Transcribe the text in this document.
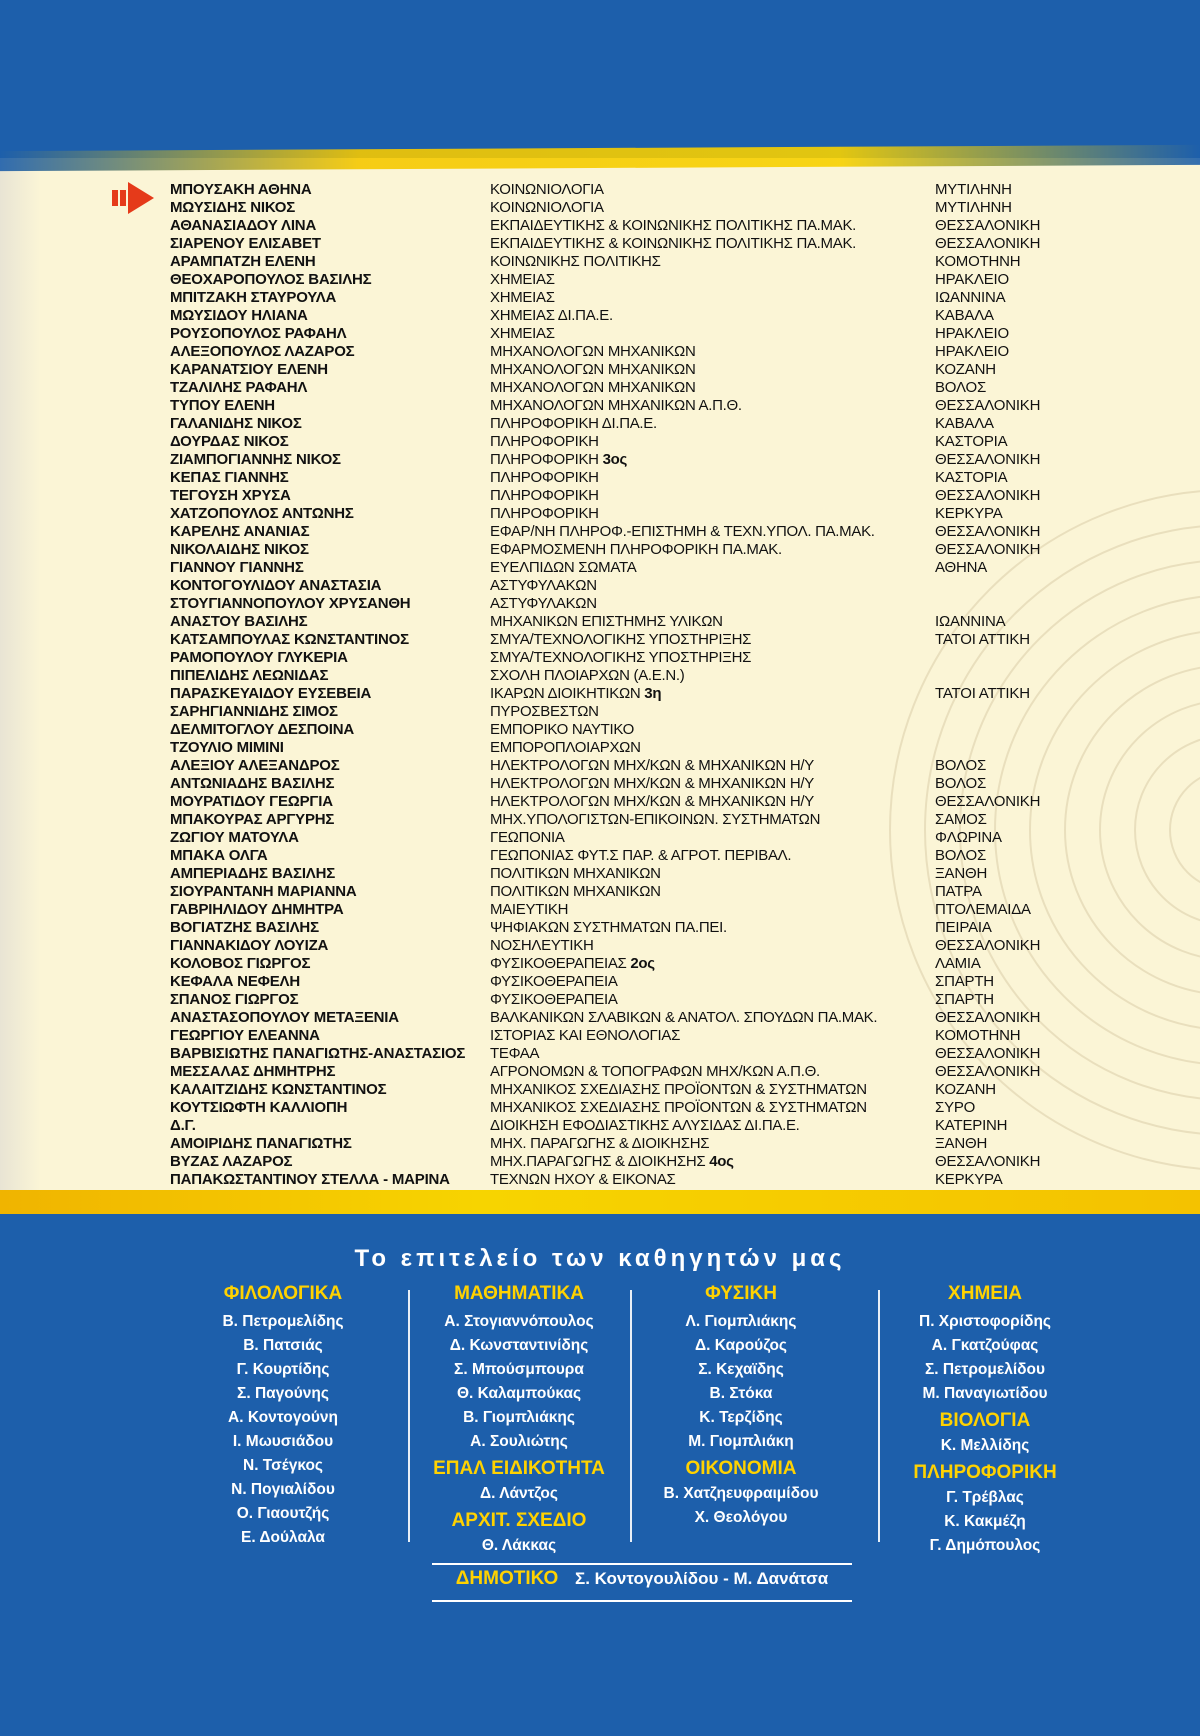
ΜΠΟΥΣΑΚΗ ΑΘΗΝΑ	ΚΟΙΝΩΝΙΟΛΟΓΙΑ	ΜΥΤΙΛΗΝΗ
ΜΩΥΣΙΔΗΣ ΝΙΚΟΣ	ΚΟΙΝΩΝΙΟΛΟΓΙΑ	ΜΥΤΙΛΗΝΗ
ΑΘΑΝΑΣΙΑΔΟΥ ΛΙΝΑ	ΕΚΠΑΙΔΕΥΤΙΚΗΣ & ΚΟΙΝΩΝΙΚΗΣ ΠΟΛΙΤΙΚΗΣ ΠΑ.ΜΑΚ.	ΘΕΣΣΑΛΟΝΙΚΗ
ΣΙΑΡΕΝΟΥ ΕΛΙΣΑΒΕΤ	ΕΚΠΑΙΔΕΥΤΙΚΗΣ & ΚΟΙΝΩΝΙΚΗΣ ΠΟΛΙΤΙΚΗΣ ΠΑ.ΜΑΚ.	ΘΕΣΣΑΛΟΝΙΚΗ
ΑΡΑΜΠΑΤΖΗ ΕΛΕΝΗ	ΚΟΙΝΩΝΙΚΗΣ ΠΟΛΙΤΙΚΗΣ	ΚΟΜΟΤΗΝΗ
ΘΕΟΧΑΡΟΠΟΥΛΟΣ ΒΑΣΙΛΗΣ	ΧΗΜΕΙΑΣ	ΗΡΑΚΛΕΙΟ
ΜΠΙΤΖΑΚΗ ΣΤΑΥΡΟΥΛΑ	ΧΗΜΕΙΑΣ	ΙΩΑΝΝΙΝΑ
ΜΩΥΣΙΔΟΥ ΗΛΙΑΝΑ	ΧΗΜΕΙΑΣ ΔΙ.ΠΑ.Ε.	ΚΑΒΑΛΑ
ΡΟΥΣΟΠΟΥΛΟΣ ΡΑΦΑΗΛ	ΧΗΜΕΙΑΣ	ΗΡΑΚΛΕΙΟ
ΑΛΕΞΟΠΟΥΛΟΣ ΛΑΖΑΡΟΣ	ΜΗΧΑΝΟΛΟΓΩΝ ΜΗΧΑΝΙΚΩΝ	ΗΡΑΚΛΕΙΟ
ΚΑΡΑΝΑΤΣΙΟΥ ΕΛΕΝΗ	ΜΗΧΑΝΟΛΟΓΩΝ ΜΗΧΑΝΙΚΩΝ	ΚΟΖΑΝΗ
ΤΖΑΛΙΛΗΣ ΡΑΦΑΗΛ	ΜΗΧΑΝΟΛΟΓΩΝ ΜΗΧΑΝΙΚΩΝ	ΒΟΛΟΣ
ΤΥΠΟΥ ΕΛΕΝΗ	ΜΗΧΑΝΟΛΟΓΩΝ ΜΗΧΑΝΙΚΩΝ Α.Π.Θ.	ΘΕΣΣΑΛΟΝΙΚΗ
ΓΑΛΑΝΙΔΗΣ ΝΙΚΟΣ	ΠΛΗΡΟΦΟΡΙΚΗ ΔΙ.ΠΑ.Ε.	ΚΑΒΑΛΑ
ΔΟΥΡΔΑΣ ΝΙΚΟΣ	ΠΛΗΡΟΦΟΡΙΚΗ	ΚΑΣΤΟΡΙΑ
ΖΙΑΜΠΟΓΙΑΝΝΗΣ ΝΙΚΟΣ	ΠΛΗΡΟΦΟΡΙΚΗ 3ος	ΘΕΣΣΑΛΟΝΙΚΗ
ΚΕΠΑΣ ΓΙΑΝΝΗΣ	ΠΛΗΡΟΦΟΡΙΚΗ	ΚΑΣΤΟΡΙΑ
ΤΕΓΟΥΣΗ ΧΡΥΣΑ	ΠΛΗΡΟΦΟΡΙΚΗ	ΘΕΣΣΑΛΟΝΙΚΗ
ΧΑΤΖΟΠΟΥΛΟΣ ΑΝΤΩΝΗΣ	ΠΛΗΡΟΦΟΡΙΚΗ	ΚΕΡΚΥΡΑ
ΚΑΡΕΛΗΣ ΑΝΑΝΙΑΣ	ΕΦΑΡ/ΝΗ ΠΛΗΡΟΦ.-ΕΠΙΣΤΗΜΗ & ΤΕΧΝ.ΥΠΟΛ. ΠΑ.ΜΑΚ.	ΘΕΣΣΑΛΟΝΙΚΗ
ΝΙΚΟΛΑΙΔΗΣ ΝΙΚΟΣ	ΕΦΑΡΜΟΣΜΕΝΗ ΠΛΗΡΟΦΟΡΙΚΗ ΠΑ.ΜΑΚ.	ΘΕΣΣΑΛΟΝΙΚΗ
ΓΙΑΝΝΟΥ ΓΙΑΝΝΗΣ	ΕΥΕΛΠΙΔΩΝ ΣΩΜΑΤΑ	ΑΘΗΝΑ
ΚΟΝΤΟΓΟΥΛΙΔΟΥ ΑΝΑΣΤΑΣΙΑ	ΑΣΤΥΦΥΛΑΚΩΝ
ΣΤΟΥΓΙΑΝΝΟΠΟΥΛΟΥ ΧΡΥΣΑΝΘΗ	ΑΣΤΥΦΥΛΑΚΩΝ
ΑΝΑΣΤΟΥ ΒΑΣΙΛΗΣ	ΜΗΧΑΝΙΚΩΝ ΕΠΙΣΤΗΜΗΣ ΥΛΙΚΩΝ	ΙΩΑΝΝΙΝΑ
ΚΑΤΣΑΜΠΟΥΛΑΣ ΚΩΝΣΤΑΝΤΙΝΟΣ	ΣΜΥΑ/ΤΕΧΝΟΛΟΓΙΚΗΣ ΥΠΟΣΤΗΡΙΞΗΣ	ΤΑΤΟΙ ΑΤΤΙΚΗ
ΡΑΜΟΠΟΥΛΟΥ ΓΛΥΚΕΡΙΑ	ΣΜΥΑ/ΤΕΧΝΟΛΟΓΙΚΗΣ ΥΠΟΣΤΗΡΙΞΗΣ
ΠΙΠΕΛΙΔΗΣ ΛΕΩΝΙΔΑΣ	ΣΧΟΛΗ ΠΛΟΙΑΡΧΩΝ (Α.Ε.Ν.)
ΠΑΡΑΣΚΕΥΑΙΔΟΥ ΕΥΣΕΒΕΙΑ	ΙΚΑΡΩΝ ΔΙΟΙΚΗΤΙΚΩΝ 3η	ΤΑΤΟΙ ΑΤΤΙΚΗ
ΣΑΡΗΓΙΑΝΝΙΔΗΣ ΣΙΜΟΣ	ΠΥΡΟΣΒΕΣΤΩΝ
ΔΕΛΜΙΤΟΓΛΟΥ ΔΕΣΠΟΙΝΑ	ΕΜΠΟΡΙΚΟ ΝΑΥΤΙΚΟ
ΤΖΟΥΛΙΟ ΜΙΜΙΝΙ	ΕΜΠΟΡΟΠΛΟΙΑΡΧΩΝ
ΑΛΕΞΙΟΥ ΑΛΕΞΑΝΔΡΟΣ	ΗΛΕΚΤΡΟΛΟΓΩΝ ΜΗΧ/ΚΩΝ & ΜΗΧΑΝΙΚΩΝ Η/Υ	ΒΟΛΟΣ
ΑΝΤΩΝΙΑΔΗΣ ΒΑΣΙΛΗΣ	ΗΛΕΚΤΡΟΛΟΓΩΝ ΜΗΧ/ΚΩΝ & ΜΗΧΑΝΙΚΩΝ Η/Υ	ΒΟΛΟΣ
ΜΟΥΡΑΤΙΔΟΥ ΓΕΩΡΓΙΑ	ΗΛΕΚΤΡΟΛΟΓΩΝ ΜΗΧ/ΚΩΝ & ΜΗΧΑΝΙΚΩΝ Η/Υ	ΘΕΣΣΑΛΟΝΙΚΗ
ΜΠΑΚΟΥΡΑΣ ΑΡΓΥΡΗΣ	ΜΗΧ.ΥΠΟΛΟΓΙΣΤΩΝ-ΕΠΙΚΟΙΝΩΝ. ΣΥΣΤΗΜΑΤΩΝ	ΣΑΜΟΣ
ΖΩΓΙΟΥ ΜΑΤΟΥΛΑ	ΓΕΩΠΟΝΙΑ	ΦΛΩΡΙΝΑ
ΜΠΑΚΑ ΟΛΓΑ	ΓΕΩΠΟΝΙΑΣ ΦΥΤ.Σ ΠΑΡ. & ΑΓΡΟΤ. ΠΕΡΙΒΑΛ.	ΒΟΛΟΣ
ΑΜΠΕΡΙΑΔΗΣ ΒΑΣΙΛΗΣ	ΠΟΛΙΤΙΚΩΝ ΜΗΧΑΝΙΚΩΝ	ΞΑΝΘΗ
ΣΙΟΥΡΑΝΤΑΝΗ ΜΑΡΙΑΝΝΑ	ΠΟΛΙΤΙΚΩΝ ΜΗΧΑΝΙΚΩΝ	ΠΑΤΡΑ
ΓΑΒΡΙΗΛΙΔΟΥ ΔΗΜΗΤΡΑ	ΜΑΙΕΥΤΙΚΗ	ΠΤΟΛΕΜΑΙΔΑ
ΒΟΓΙΑΤΖΗΣ ΒΑΣΙΛΗΣ	ΨΗΦΙΑΚΩΝ ΣΥΣΤΗΜΑΤΩΝ ΠΑ.ΠΕΙ.	ΠΕΙΡΑΙΑ
ΓΙΑΝΝΑΚΙΔΟΥ ΛΟΥΙΖΑ	ΝΟΣΗΛΕΥΤΙΚΗ	ΘΕΣΣΑΛΟΝΙΚΗ
ΚΟΛΟΒΟΣ ΓΙΩΡΓΟΣ	ΦΥΣΙΚΟΘΕΡΑΠΕΙΑΣ 2ος	ΛΑΜΙΑ
ΚΕΦΑΛΑ ΝΕΦΕΛΗ	ΦΥΣΙΚΟΘΕΡΑΠΕΙΑ	ΣΠΑΡΤΗ
ΣΠΑΝΟΣ ΓΙΩΡΓΟΣ	ΦΥΣΙΚΟΘΕΡΑΠΕΙΑ	ΣΠΑΡΤΗ
ΑΝΑΣΤΑΣΟΠΟΥΛΟΥ ΜΕΤΑΞΕΝΙΑ	ΒΑΛΚΑΝΙΚΩΝ ΣΛΑΒΙΚΩΝ & ΑΝΑΤΟΛ. ΣΠΟΥΔΩΝ ΠΑ.ΜΑΚ.	ΘΕΣΣΑΛΟΝΙΚΗ
ΓΕΩΡΓΙΟΥ ΕΛΕΑΝΝΑ	ΙΣΤΟΡΙΑΣ ΚΑΙ ΕΘΝΟΛΟΓΙΑΣ	ΚΟΜΟΤΗΝΗ
ΒΑΡΒΙΣΙΩΤΗΣ ΠΑΝΑΓΙΩΤΗΣ-ΑΝΑΣΤΑΣΙΟΣ	ΤΕΦΑΑ	ΘΕΣΣΑΛΟΝΙΚΗ
ΜΕΣΣΑΛΑΣ ΔΗΜΗΤΡΗΣ	ΑΓΡΟΝΟΜΩΝ & ΤΟΠΟΓΡΑΦΩΝ ΜΗΧ/ΚΩΝ Α.Π.Θ.	ΘΕΣΣΑΛΟΝΙΚΗ
ΚΑΛΑΙΤΖΙΔΗΣ ΚΩΝΣΤΑΝΤΙΝΟΣ	ΜΗΧΑΝΙΚΟΣ ΣΧΕΔΙΑΣΗΣ ΠΡΟΪΟΝΤΩΝ & ΣΥΣΤΗΜΑΤΩΝ	ΚΟΖΑΝΗ
ΚΟΥΤΣΙΩΦΤΗ ΚΑΛΛΙΟΠΗ	ΜΗΧΑΝΙΚΟΣ ΣΧΕΔΙΑΣΗΣ ΠΡΟΪΟΝΤΩΝ & ΣΥΣΤΗΜΑΤΩΝ	ΣΥΡΟ
Δ.Γ.	ΔΙΟΙΚΗΣΗ ΕΦΟΔΙΑΣΤΙΚΗΣ ΑΛΥΣΙΔΑΣ ΔΙ.ΠΑ.Ε.	ΚΑΤΕΡΙΝΗ
ΑΜΟΙΡΙΔΗΣ ΠΑΝΑΓΙΩΤΗΣ	ΜΗΧ. ΠΑΡΑΓΩΓΗΣ & ΔΙΟΙΚΗΣΗΣ	ΞΑΝΘΗ
ΒΥΖΑΣ ΛΑΖΑΡΟΣ	ΜΗΧ.ΠΑΡΑΓΩΓΗΣ & ΔΙΟΙΚΗΣΗΣ 4ος	ΘΕΣΣΑΛΟΝΙΚΗ
ΠΑΠΑΚΩΣΤΑΝΤΙΝΟΥ ΣΤΕΛΛΑ - ΜΑΡΙΝΑ	ΤΕΧΝΩΝ ΗΧΟΥ & ΕΙΚΟΝΑΣ	ΚΕΡΚΥΡΑ
Το επιτελείο των καθηγητών μας
ΦΙΛΟΛΟΓΙΚΑ
Β. Πετρομελίδης
Β. Πατσιάς
Γ. Κουρτίδης
Σ. Παγούνης
Α. Κοντογούνη
Ι. Μωυσιάδου
Ν. Τσέγκος
Ν. Πογιαλίδου
Ο. Γιαουτζής
Ε. Δούλαλα
ΜΑΘΗΜΑΤΙΚΑ
Α. Στογιαννόπουλος
Δ. Κωνσταντινίδης
Σ. Μπούσμπουρα
Θ. Καλαμπούκας
Β. Γιομπλιάκης
Α. Σουλιώτης
ΕΠΑΛ ΕΙΔΙΚΟΤΗΤΑ
Δ. Λάντζος
ΑΡΧΙΤ. ΣΧΕΔΙΟ
Θ. Λάκκας
ΦΥΣΙΚΗ
Λ. Γιομπλιάκης
Δ. Καρούζος
Σ. Κεχαϊδης
Β. Στόκα
Κ. Τερζίδης
Μ. Γιομπλιάκη
ΟΙΚΟΝΟΜΙΑ
Β. Χατζηευφραιμίδου
Χ. Θεολόγου
ΧΗΜΕΙΑ
Π. Χριστοφορίδης
Α. Γκατζούφας
Σ. Πετρομελίδου
Μ. Παναγιωτίδου
ΒΙΟΛΟΓΙΑ
Κ. Μελλίδης
ΠΛΗΡΟΦΟΡΙΚΗ
Γ. Τρέβλας
Κ. Κακμέζη
Γ. Δημόπουλος
ΔΗΜΟΤΙΚΟ Σ. Κοντογουλίδου - Μ. Δανάτσα
